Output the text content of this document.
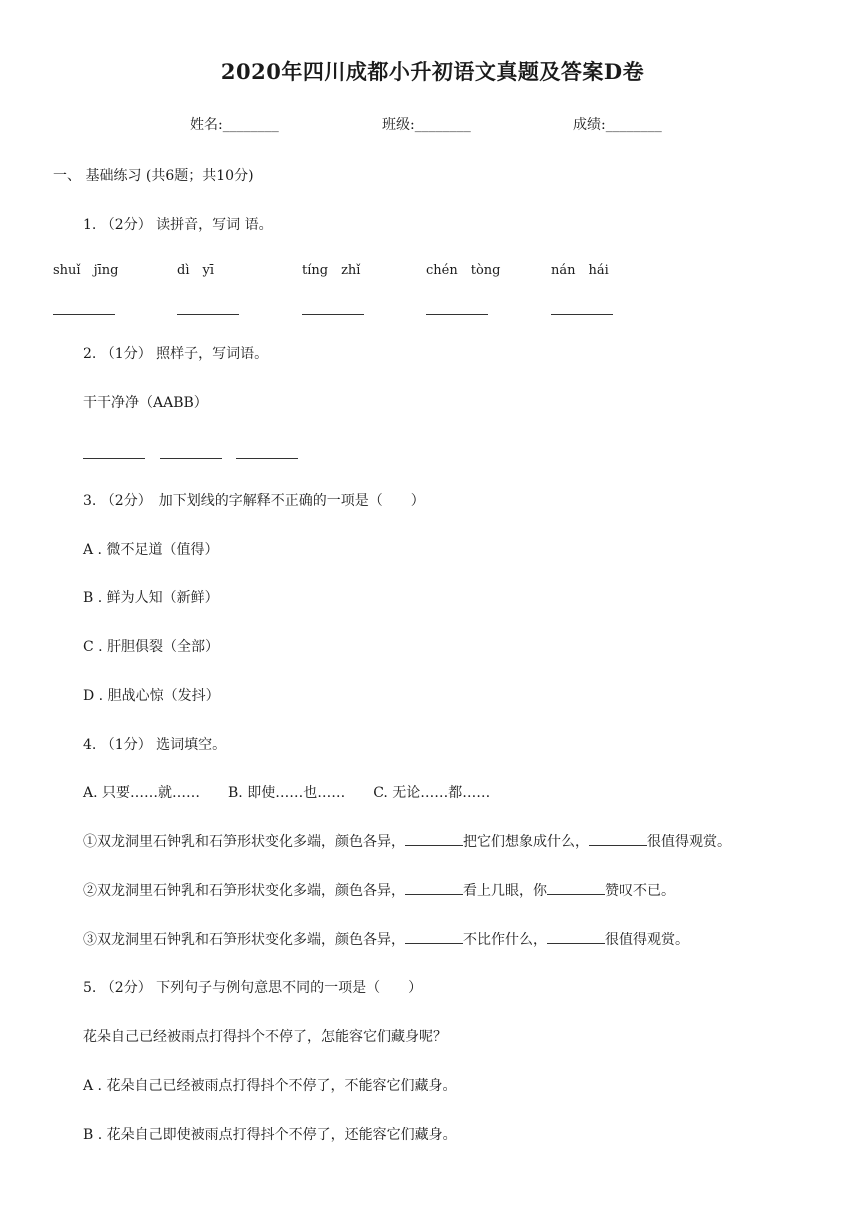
2020年四川成都小升初语文真题及答案D卷
姓名:________	班级:________	成绩:________
一、 基础练习 (共6题；共10分)
1. （2分） 读拼音，写词 语。
shuǐ　jīng	dì　yī	tíng　zhǐ	chén　tòng	nán　hái
2. （1分） 照样子，写词语。
干干净净（AABB）
3. （2分）　加下划线的字解释不正确的一项是（　　）
A . 微不足道（值得）
B . 鲜为人知（新鲜）
C . 肝胆俱裂（全部）
D . 胆战心惊（发抖）
4. （1分） 选词填空。
A. 只要……就……　　B. 即使……也……　　C. 无论……都……
①双龙洞里石钟乳和石笋形状变化多端，颜色各异，	把它们想象成什么，	很值得观赏。
②双龙洞里石钟乳和石笋形状变化多端，颜色各异，	看上几眼，你	赞叹不已。
③双龙洞里石钟乳和石笋形状变化多端，颜色各异，	不比作什么，	很值得观赏。
5. （2分） 下列句子与例句意思不同的一项是（　　）
花朵自己已经被雨点打得抖个不停了，怎能容它们藏身呢？
A . 花朵自己已经被雨点打得抖个不停了，不能容它们藏身。
B . 花朵自己即使被雨点打得抖个不停了，还能容它们藏身。
